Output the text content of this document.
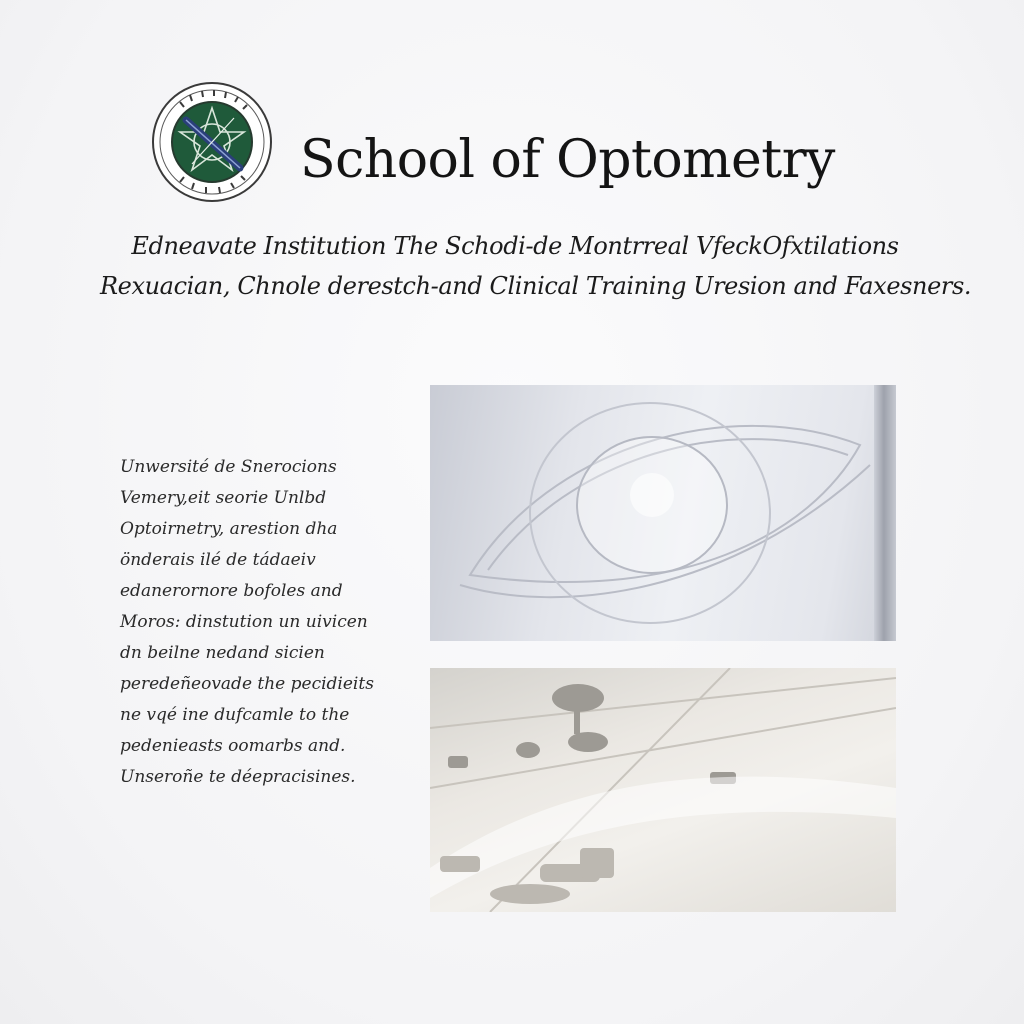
School of Optometry

Edneavate Institution The Schodi-de Montrreal VfeckOfxtilations
Rexuacian, Chnole derestch-and Clinical Training Uresion and Faxesners.

Unwersité de Snerocions
Vemery,eit seorie Unlbd
Optoirnetry, arestion dha
önderais ilé de tádaeiv
edanerornore bofoles and
Moros: dinstution un uivicen
dn beilne nedand sicien
peredeñeovade the pecidieits
ne vqé ine dufcamle to the
pedenieasts oomarbs and.
Unseroñe te déepracisines.
